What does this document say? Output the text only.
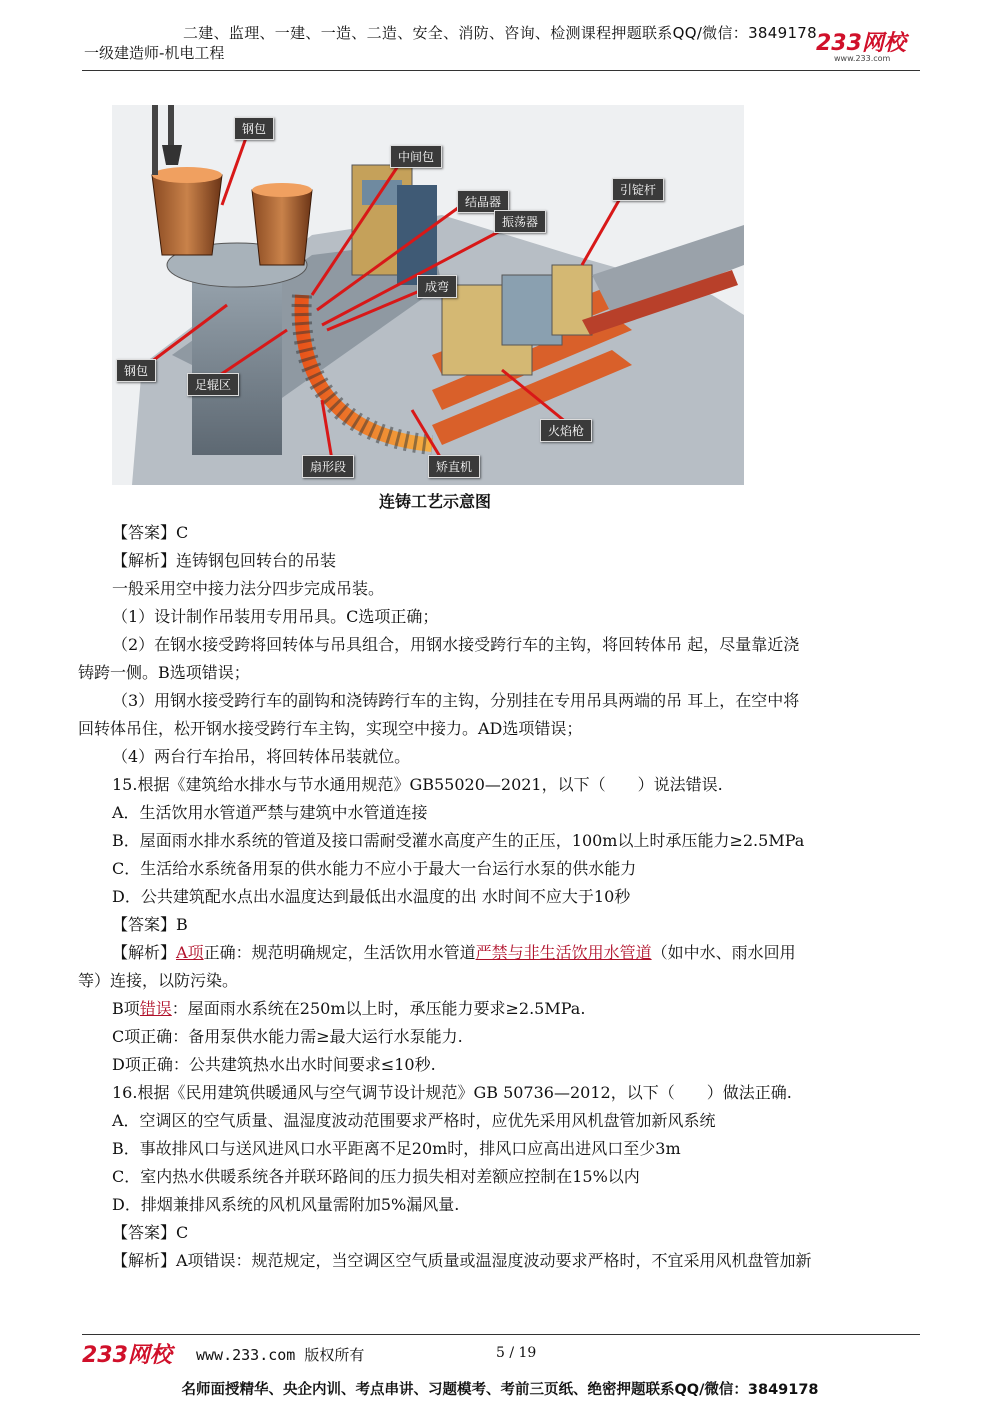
二建、监理、一建、一造、二造、安全、消防、咨询、检测课程押题联系QQ/微信：3849178
一级建造师-机电工程	233网校
www.233.com
钢包
中间包
结晶器
振荡器
引锭杆
成弯
钢包
足辊区
火焰枪
扇形段	矫直机
连铸工艺示意图
【答案】C
【解析】连铸钢包回转台的吊装
一般采用空中接力法分四步完成吊装。
（1）设计制作吊装用专用吊具。C选项正确；
（2）在钢水接受跨将回转体与吊具组合，用钢水接受跨行车的主钩，将回转体吊 起，尽量靠近浇
铸跨一侧。B选项错误；
（3）用钢水接受跨行车的副钩和浇铸跨行车的主钩，分别挂在专用吊具两端的吊 耳上，在空中将
回转体吊住，松开钢水接受跨行车主钩，实现空中接力。AD选项错误；
（4）两台行车抬吊，将回转体吊装就位。
15.根据《建筑给水排水与节水通用规范》GB55020—2021，以下（　　）说法错误.
A．生活饮用水管道严禁与建筑中水管道连接
B．屋面雨水排水系统的管道及接口需耐受灌水高度产生的正压，100m以上时承压能力≥2.5MPa
C．生活给水系统备用泵的供水能力不应小于最大一台运行水泵的供水能力
D．公共建筑配水点出水温度达到最低出水温度的出 水时间不应大于10秒
【答案】B
【解析】A项正确：规范明确规定，生活饮用水管道严禁与非生活饮用水管道（如中水、雨水回用
等）连接，以防污染。
B项错误：屋面雨水系统在250m以上时，承压能力要求≥2.5MPa.
C项正确：备用泵供水能力需≥最大运行水泵能力.
D项正确：公共建筑热水出水时间要求≤10秒.
16.根据《民用建筑供暖通风与空气调节设计规范》GB 50736—2012，以下（　　）做法正确.
A．空调区的空气质量、温湿度波动范围要求严格时，应优先采用风机盘管加新风系统
B．事故排风口与送风进风口水平距离不足20m时，排风口应高出进风口至少3m
C．室内热水供暖系统各并联环路间的压力损失相对差额应控制在15%以内
D．排烟兼排风系统的风机风量需附加5%漏风量.
【答案】C
【解析】A项错误：规范规定，当空调区空气质量或温湿度波动要求严格时，不宜采用风机盘管加新
233网校 www.233.com 版权所有	5 / 19
名师面授精华、央企内训、考点串讲、习题模考、考前三页纸、绝密押题联系QQ/微信：3849178
